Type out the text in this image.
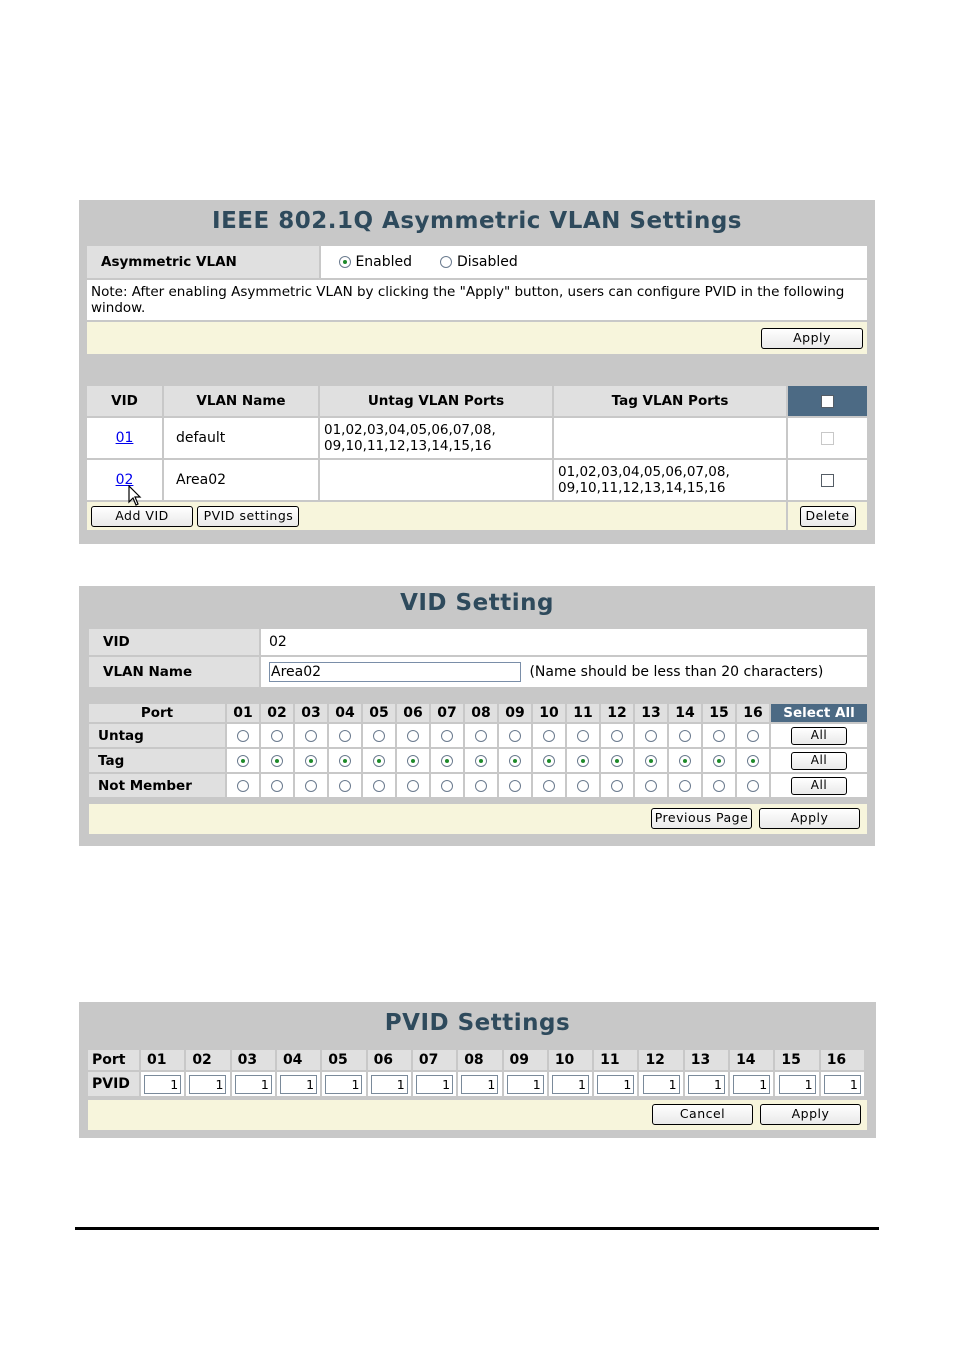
IEEE 802.1Q Asymmetric VLAN Settings
Asymmetric VLAN	Enabled	Disabled
Note: After enabling Asymmetric VLAN by clicking the "Apply" button, users can configure PVID in the following window.
Apply
VID	VLAN Name	Untag VLAN Ports	Tag VLAN Ports	
01	default	01,02,03,04,05,06,07,08, 09,10,11,12,13,14,15,16		
02	Area02		01,02,03,04,05,06,07,08, 09,10,11,12,13,14,15,16	
Add VID PVID settings				Delete
VID Setting
VID	02
VLAN Name	Area02 (Name should be less than 20 characters)
Port	01	02	03	04	05	06	07	08	09	10	11	12	13	14	15	16	Select All
Untag																	All
Tag																	All
Not Member																	All
Previous Page	Apply
PVID Settings
Port	01	02	03	04	05	06	07	08	09	10	11	12	13	14	15	16
PVID	1	1	1	1	1	1	1	1	1	1	1	1	1	1	1	1
Cancel	Apply
